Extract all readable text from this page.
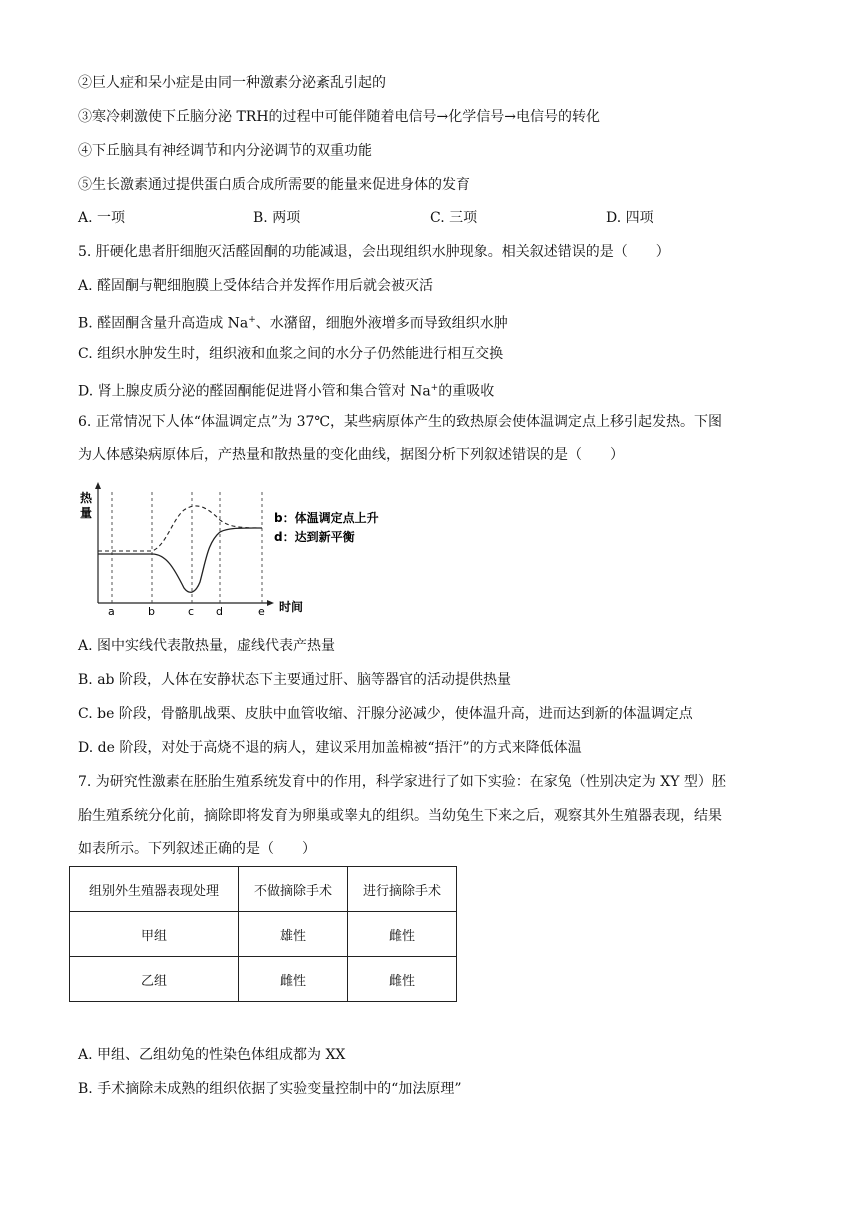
②巨人症和呆小症是由同一种激素分泌紊乱引起的
③寒冷刺激使下丘脑分泌 TRH的过程中可能伴随着电信号→化学信号→电信号的转化
④下丘脑具有神经调节和内分泌调节的双重功能
⑤生长激素通过提供蛋白质合成所需要的能量来促进身体的发育
A. 一项	B. 两项	C. 三项	D. 四项
5. 肝硬化患者肝细胞灭活醛固酮的功能减退，会出现组织水肿现象。相关叙述错误的是（　　）
A. 醛固酮与靶细胞膜上受体结合并发挥作用后就会被灭活
B. 醛固酮含量升高造成 Na+、水潴留，细胞外液增多而导致组织水肿
C. 组织水肿发生时，组织液和血浆之间的水分子仍然能进行相互交换
D. 肾上腺皮质分泌的醛固酮能促进肾小管和集合管对 Na+的重吸收
6. 正常情况下人体“体温调定点”为 37℃，某些病原体产生的致热原会使体温调定点上移引起发热。下图
为人体感染病原体后，产热量和散热量的变化曲线，据图分析下列叙述错误的是（　　）
热
量
时间
a	b	c d	e
b：体温调定点上升
d：达到新平衡
A. 图中实线代表散热量，虚线代表产热量
B. ab 阶段，人体在安静状态下主要通过肝、脑等器官的活动提供热量
C. be 阶段，骨骼肌战栗、皮肤中血管收缩、汗腺分泌减少，使体温升高，进而达到新的体温调定点
D. de 阶段，对处于高烧不退的病人，建议采用加盖棉被“捂汗”的方式来降低体温
7. 为研究性激素在胚胎生殖系统发育中的作用，科学家进行了如下实验：在家兔（性别决定为 XY 型）胚
胎生殖系统分化前，摘除即将发育为卵巢或睾丸的组织。当幼兔生下来之后，观察其外生殖器表现，结果
如表所示。下列叙述正确的是（　　）
组别外生殖器表现处理	不做摘除手术	进行摘除手术
甲组	雄性	雌性
乙组	雌性	雌性
A. 甲组、乙组幼兔的性染色体组成都为 XX
B. 手术摘除未成熟的组织依据了实验变量控制中的“加法原理”
